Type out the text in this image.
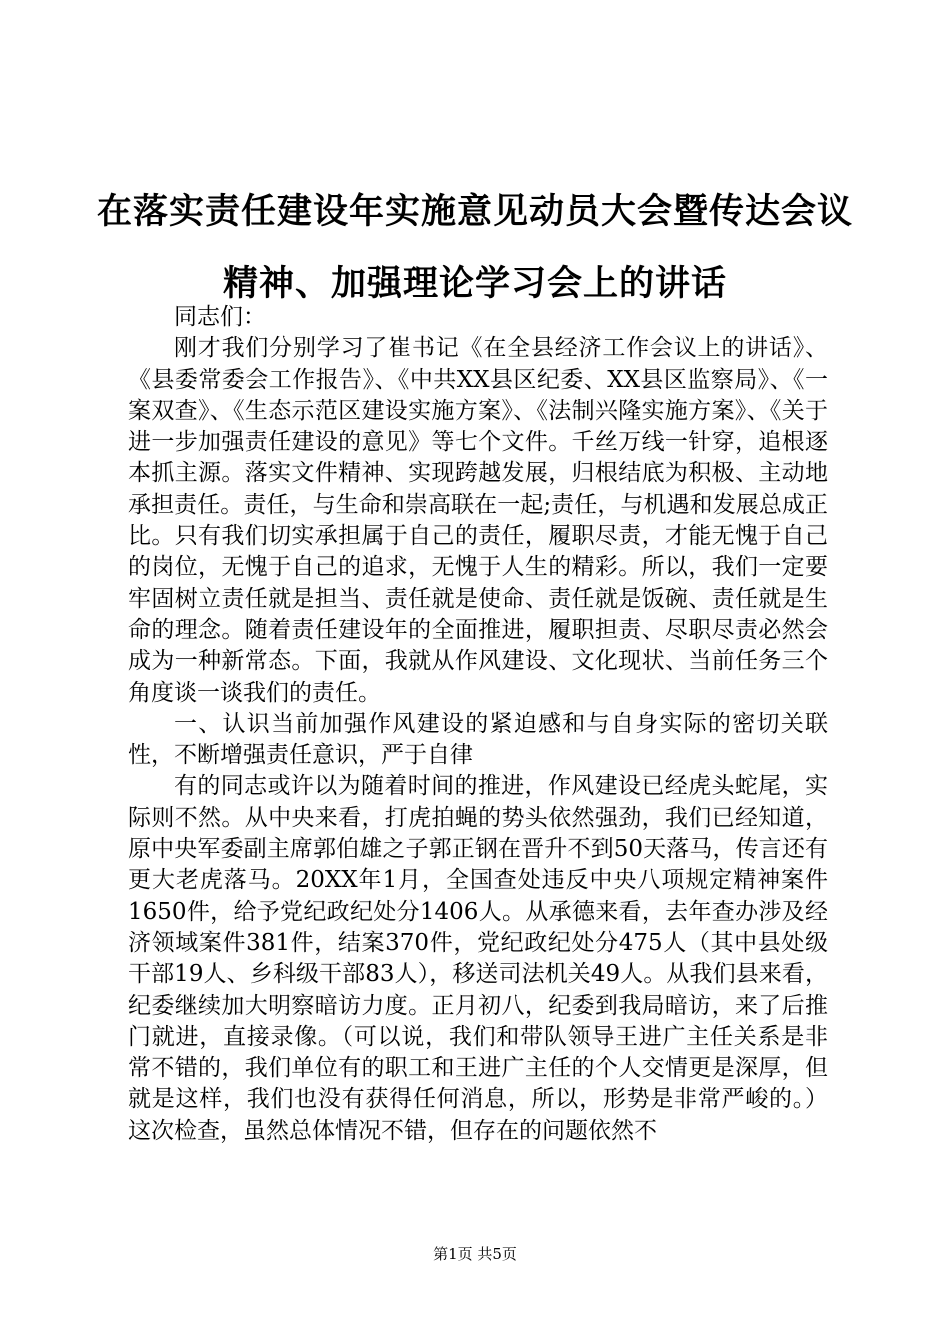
在落实责任建设年实施意见动员大会暨传达会议精神、加强理论学习会上的讲话

同志们：

刚才我们分别学习了崔书记《在全县经济工作会议上的讲话》、《县委常委会工作报告》、《中共XX县区纪委、XX县区监察局》、《一案双查》、《生态示范区建设实施方案》、《法制兴隆实施方案》、《关于进一步加强责任建设的意见》等七个文件。千丝万线一针穿，追根逐本抓主源。落实文件精神、实现跨越发展，归根结底为积极、主动地承担责任。责任，与生命和崇高联在一起;责任，与机遇和发展总成正比。只有我们切实承担属于自己的责任，履职尽责，才能无愧于自己的岗位，无愧于自己的追求，无愧于人生的精彩。所以，我们一定要牢固树立责任就是担当、责任就是使命、责任就是饭碗、责任就是生命的理念。随着责任建设年的全面推进，履职担责、尽职尽责必然会成为一种新常态。下面，我就从作风建设、文化现状、当前任务三个角度谈一谈我们的责任。

一、认识当前加强作风建设的紧迫感和与自身实际的密切关联性，不断增强责任意识，严于自律

有的同志或许以为随着时间的推进，作风建设已经虎头蛇尾，实际则不然。从中央来看，打虎拍蝇的势头依然强劲，我们已经知道，原中央军委副主席郭伯雄之子郭正钢在晋升不到50天落马，传言还有更大老虎落马。20XX年1月，全国查处违反中央八项规定精神案件1650件，给予党纪政纪处分1406人。从承德来看，去年查办涉及经济领域案件381件，结案370件，党纪政纪处分475人（其中县处级干部19人、乡科级干部83人），移送司法机关49人。从我们县来看，纪委继续加大明察暗访力度。正月初八，纪委到我局暗访，来了后推门就进，直接录像。（可以说，我们和带队领导王进广主任关系是非常不错的，我们单位有的职工和王进广主任的个人交情更是深厚，但就是这样，我们也没有获得任何消息，所以，形势是非常严峻的。）这次检查，虽然总体情况不错，但存在的问题依然不

第1页 共5页
